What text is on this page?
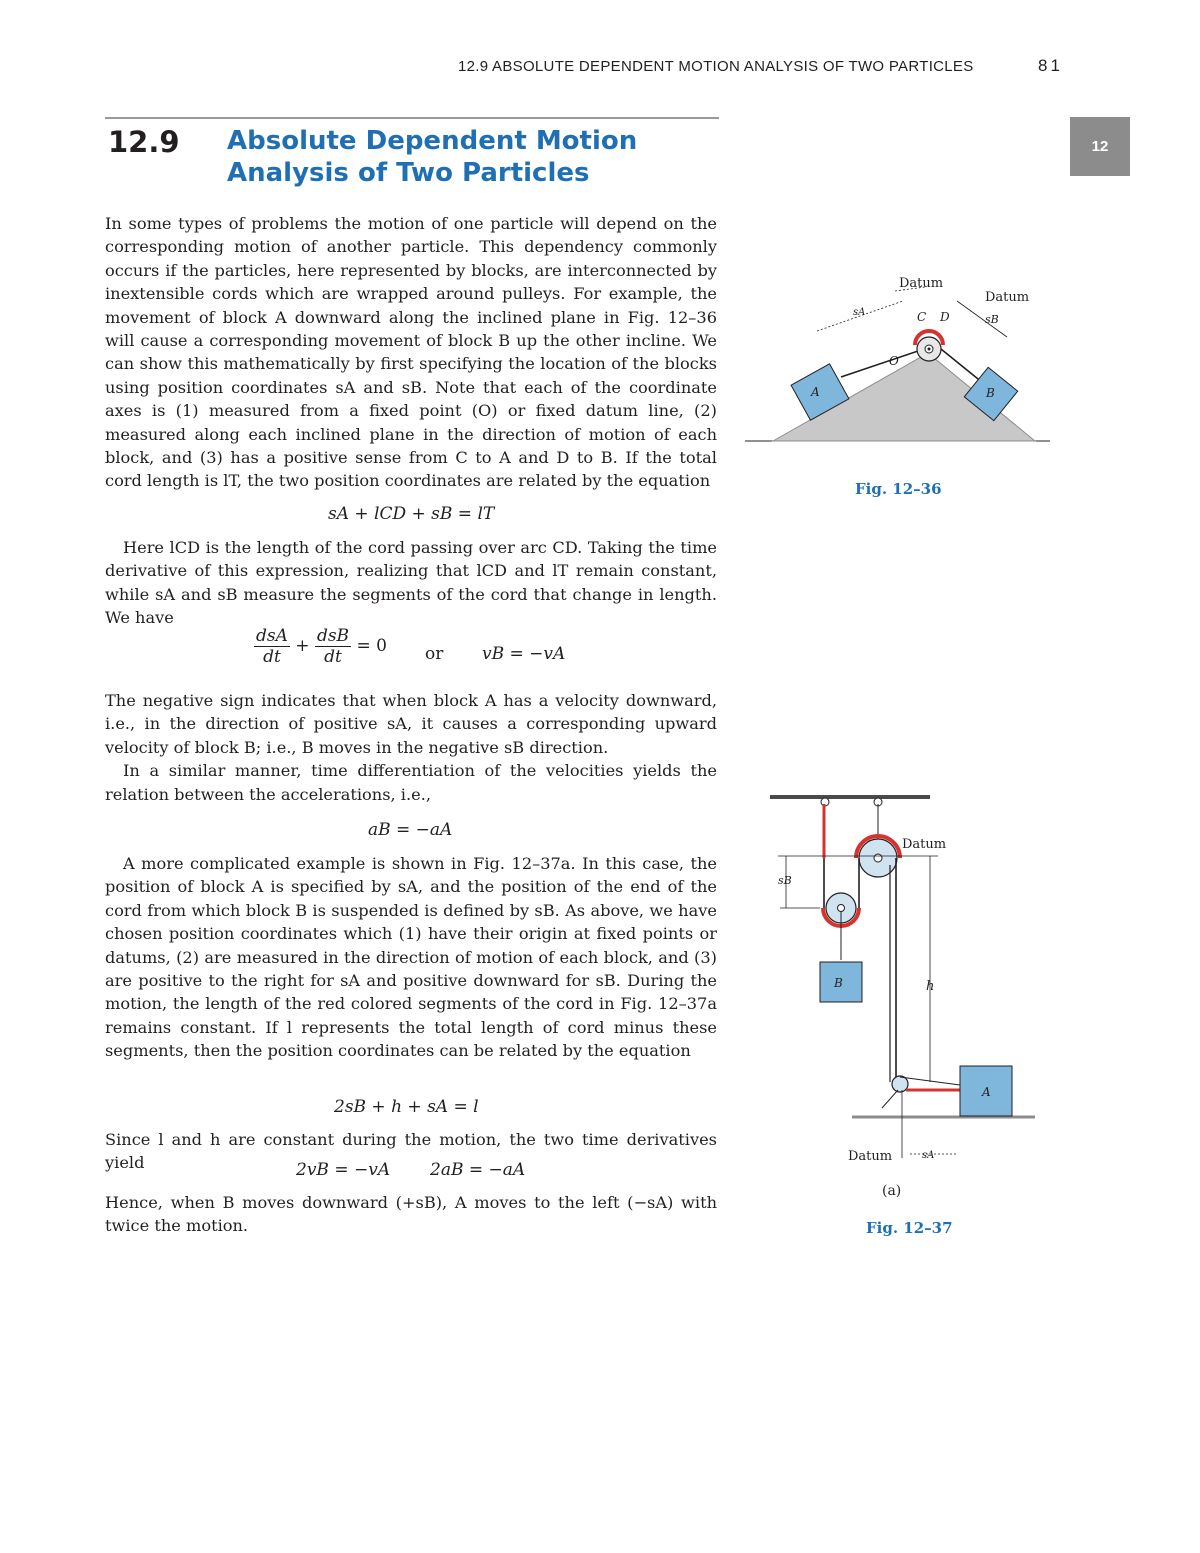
12.9 ABSOLUTE DEPENDENT MOTION ANALYSIS OF TWO PARTICLES	81
12
12.9 Absolute Dependent Motion
Analysis of Two Particles

In some types of problems the motion of one particle will depend on the corresponding motion of another particle. This dependency commonly occurs if the particles, here represented by blocks, are interconnected by inextensible cords which are wrapped around pulleys. For example, the movement of block A downward along the inclined plane in Fig. 12–36 will cause a corresponding movement of block B up the other incline. We can show this mathematically by first specifying the location of the blocks using position coordinates sA and sB. Note that each of the coordinate axes is (1) measured from a fixed point (O) or fixed datum line, (2) measured along each inclined plane in the direction of motion of each block, and (3) has a positive sense from C to A and D to B. If the total cord length is lT, the two position coordinates are related by the equation

sA + lCD + sB = lT

Here lCD is the length of the cord passing over arc CD. Taking the time derivative of this expression, realizing that lCD and lT remain constant, while sA and sB measure the segments of the cord that change in length. We have

$\frac{\text{dsA}}{dt} + \frac{\text{dsB}}{dt} = 0$ or vB = −vA

The negative sign indicates that when block A has a velocity downward, i.e., in the direction of positive sA, it causes a corresponding upward velocity of block B; i.e., B moves in the negative sB direction.

In a similar manner, time differentiation of the velocities yields the relation between the accelerations, i.e.,

aB = −aA

A more complicated example is shown in Fig. 12–37a. In this case, the position of block A is specified by sA, and the position of the end of the cord from which block B is suspended is defined by sB. As above, we have chosen position coordinates which (1) have their origin at fixed points or datums, (2) are measured in the direction of motion of each block, and (3) are positive to the right for sA and positive downward for sB. During the motion, the length of the red colored segments of the cord in Fig. 12–37a remains constant. If l represents the total length of cord minus these segments, then the position coordinates can be related by the equation

2sB + h + sA = l

Since l and h are constant during the motion, the two time derivatives yield	2vB = −vA 2aB = −aA

Hence, when B moves downward (+sB), A moves to the left (−sA) with twice the motion.

Datum
Datum
sA
sB
C D
O
A	B
Fig. 12–36
Datum
sB
h
B
A
Datum	sA
(a)
Fig. 12–37
